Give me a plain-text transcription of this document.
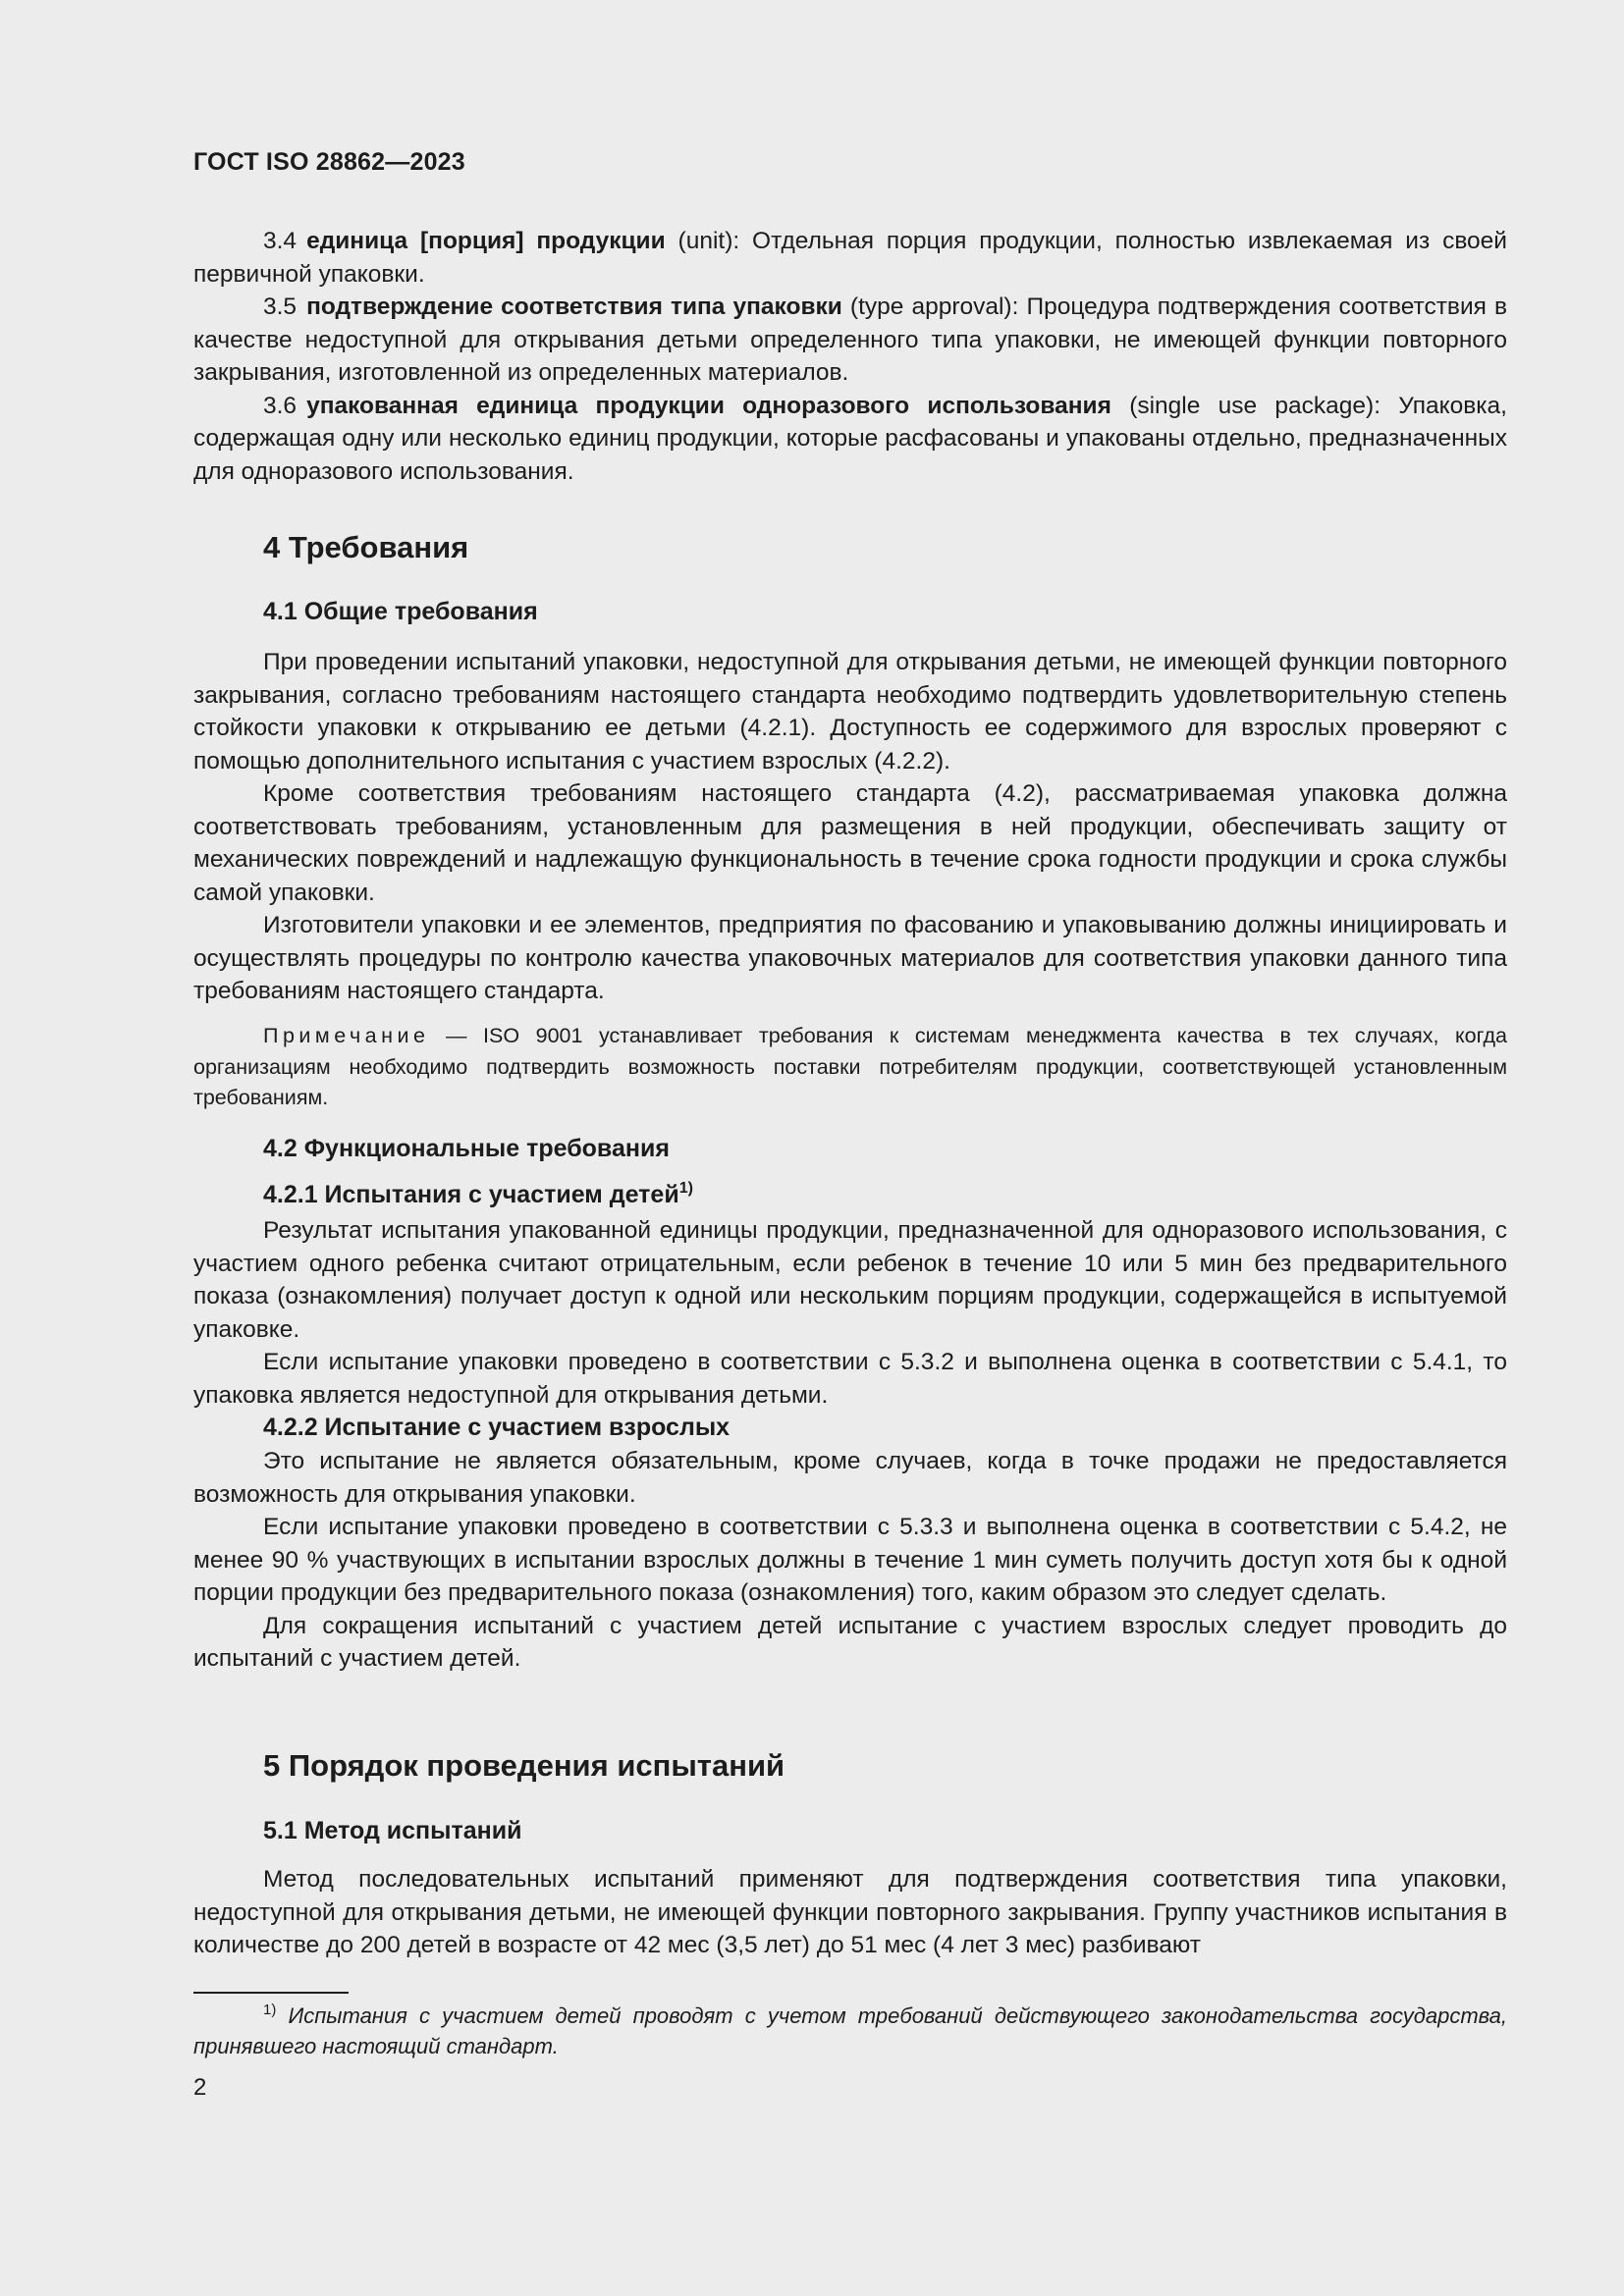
ГОСТ ISO 28862—2023

3.4 единица [порция] продукции (unit): Отдельная порция продукции, полностью извлекаемая из своей первичной упаковки.

3.5 подтверждение соответствия типа упаковки (type approval): Процедура подтверждения соответствия в качестве недоступной для открывания детьми определенного типа упаковки, не имеющей функции повторного закрывания, изготовленной из определенных материалов.

3.6 упакованная единица продукции одноразового использования (single use package): Упаковка, содержащая одну или несколько единиц продукции, которые расфасованы и упакованы отдельно, предназначенных для одноразового использования.

4 Требования
4.1 Общие требования

При проведении испытаний упаковки, недоступной для открывания детьми, не имеющей функции повторного закрывания, согласно требованиям настоящего стандарта необходимо подтвердить удовлетворительную степень стойкости упаковки к открыванию ее детьми (4.2.1). Доступность ее содержимого для взрослых проверяют с помощью дополнительного испытания с участием взрослых (4.2.2).

Кроме соответствия требованиям настоящего стандарта (4.2), рассматриваемая упаковка должна соответствовать требованиям, установленным для размещения в ней продукции, обеспечивать защиту от механических повреждений и надлежащую функциональность в течение срока годности продукции и срока службы самой упаковки.

Изготовители упаковки и ее элементов, предприятия по фасованию и упаковыванию должны инициировать и осуществлять процедуры по контролю качества упаковочных материалов для соответствия упаковки данного типа требованиям настоящего стандарта.

Примечание — ISO 9001 устанавливает требования к системам менеджмента качества в тех случаях, когда организациям необходимо подтвердить возможность поставки потребителям продукции, соответствующей установленным требованиям.

4.2 Функциональные требования
4.2.1 Испытания с участием детей$^{1)}$

Результат испытания упакованной единицы продукции, предназначенной для одноразового использования, с участием одного ребенка считают отрицательным, если ребенок в течение 10 или 5 мин без предварительного показа (ознакомления) получает доступ к одной или нескольким порциям продукции, содержащейся в испытуемой упаковке.

Если испытание упаковки проведено в соответствии с 5.3.2 и выполнена оценка в соответствии с 5.4.1, то упаковка является недоступной для открывания детьми.

4.2.2 Испытание с участием взрослых

Это испытание не является обязательным, кроме случаев, когда в точке продажи не предоставляется возможность для открывания упаковки.

Если испытание упаковки проведено в соответствии с 5.3.3 и выполнена оценка в соответствии с 5.4.2, не менее 90 % участвующих в испытании взрослых должны в течение 1 мин суметь получить доступ хотя бы к одной порции продукции без предварительного показа (ознакомления) того, каким образом это следует сделать.

Для сокращения испытаний с участием детей испытание с участием взрослых следует проводить до испытаний с участием детей.

5 Порядок проведения испытаний
5.1 Метод испытаний

Метод последовательных испытаний применяют для подтверждения соответствия типа упаковки, недоступной для открывания детьми, не имеющей функции повторного закрывания. Группу участников испытания в количестве до 200 детей в возрасте от 42 мес (3,5 лет) до 51 мес (4 лет 3 мес) разбивают

$^{1)}$ Испытания с участием детей проводят с учетом требований действующего законодательства государства, принявшего настоящий стандарт.
2
